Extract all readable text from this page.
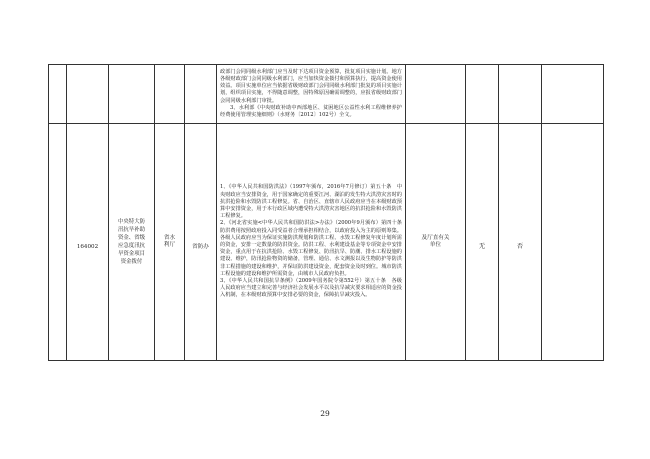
					政部门会同同级水利部门应当及时下达项目资金预算，批复项目实施计划。地方各级财政部门会同同级水利部门，应当加快资金拨付和预算执行，提高资金使用效益。项目实施单位应当依据省级财政部门会同同级水利部门批复的项目实施计划，组织项目实施，不得随意调整，因特殊原因确需调整的，应报省级财政部门会同同级水利部门审批。

3、水利部《中央财政补助中西部地区、贫困地区公益性水利工程维修养护经费使用管理实施细则》（水财务〔2012〕102号）全文。				

	164002	中央特大防汛抗旱补助资金、省级应急度汛抗旱资金项目资金拨付	省水利厅	省防办	1、《中华人民共和国防洪法》（1997年颁布，2016年7月修订）第五十条　中央财政应当安排资金，用于国家确定的重要江河、湖泊的发生特大洪涝灾害时的抗洪抢险和水毁防洪工程修复。省、自治区、直辖市人民政府应当在本级财政预算中安排资金，用于本行政区域内遭受特大洪涝灾害地区的抗洪抢险和水毁防洪工程修复。

2、《河北省实施<中华人民共和国防洪法>办法》（2000年9月颁布）第四十条　防洪费用按照政府投入同受益者合理承担相结合，以政府投入为主的原则筹集。各级人民政府应当为保证实施防洪规划和防洪工程、水毁工程修复年度计划所需的资金，安排一定数量的防洪资金。防洪工程、水利建设基金等专项资金中安排资金，重点用于在抗洪抢险、水毁工程修复、防汛抗旱、防潮、排水工程设施的建设、维护，防汛抢险物资的储备，管理、通信、水文测报以及生物防护等防洪非工程措施的建设和维护，并保证防洪建设资金，配套资金及时到位。城市防洪工程设施的建设和维护所需资金，由城市人民政府负担。

3、《中华人民共和国抗旱条例》（2009年国务院令第552号）第五十条　各级人民政府应当建立和完善与经济社会发展水平以及抗旱减灾要求相适应的资金投入机制，在本级财政预算中安排必要的资金，保障抗旱减灾投入。	及厅直有关单位	无	否	
29
